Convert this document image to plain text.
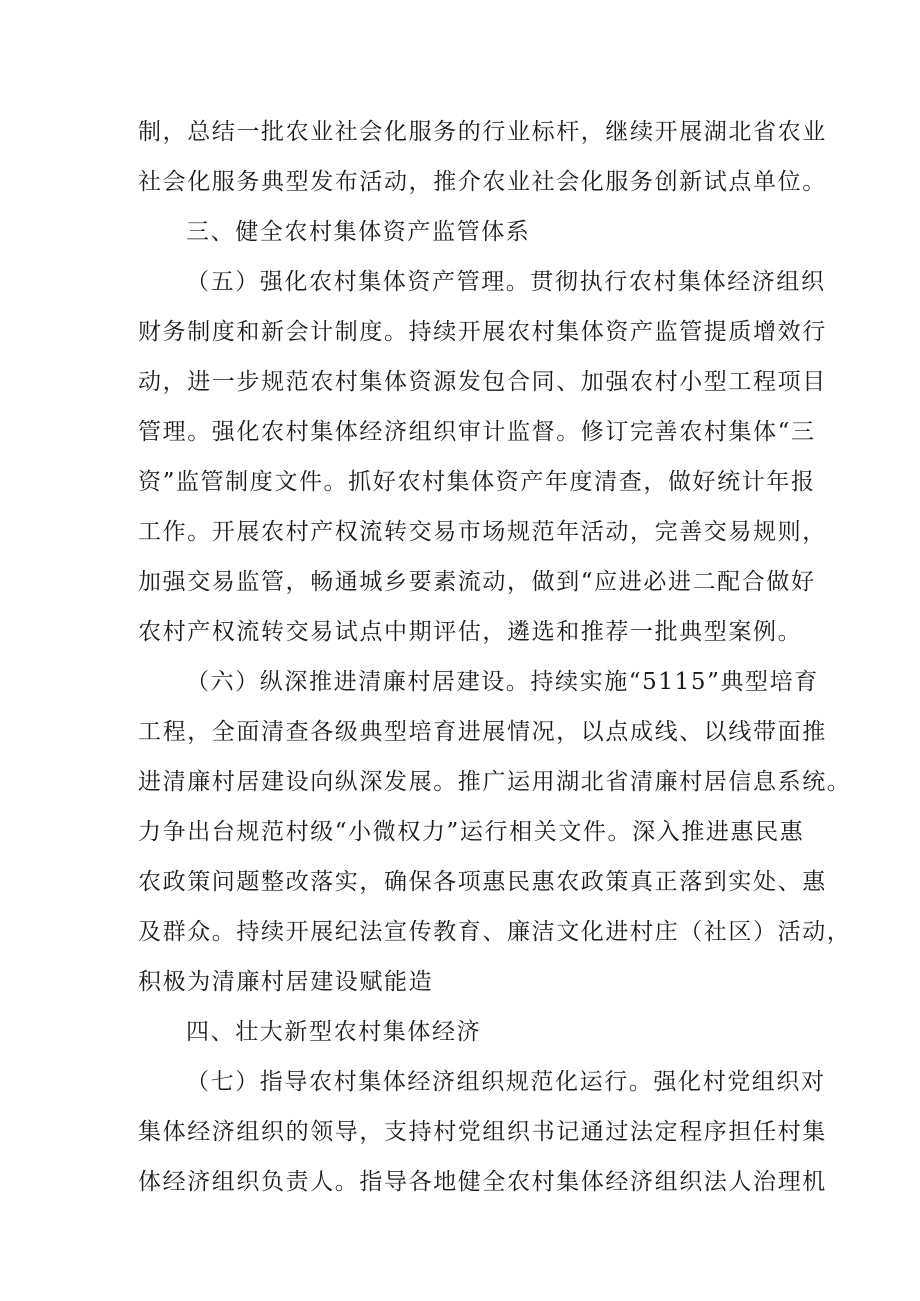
制，总结一批农业社会化服务的行业标杆，继续开展湖北省农业
社会化服务典型发布活动，推介农业社会化服务创新试点单位。
三、健全农村集体资产监管体系
（五）强化农村集体资产管理。贯彻执行农村集体经济组织
财务制度和新会计制度。持续开展农村集体资产监管提质增效行
动，进一步规范农村集体资源发包合同、加强农村小型工程项目
管理。强化农村集体经济组织审计监督。修订完善农村集体“三
资”监管制度文件。抓好农村集体资产年度清查，做好统计年报
工作。开展农村产权流转交易市场规范年活动，完善交易规则，
加强交易监管，畅通城乡要素流动，做到“应进必进二配合做好
农村产权流转交易试点中期评估，遴选和推荐一批典型案例。
（六）纵深推进清廉村居建设。持续实施“5115”典型培育
工程，全面清查各级典型培育进展情况，以点成线、以线带面推
进清廉村居建设向纵深发展。推广运用湖北省清廉村居信息系统。
力争出台规范村级“小微权力”运行相关文件。深入推进惠民惠
农政策问题整改落实，确保各项惠民惠农政策真正落到实处、惠
及群众。持续开展纪法宣传教育、廉洁文化进村庄（社区）活动，
积极为清廉村居建设赋能造
四、壮大新型农村集体经济
（七）指导农村集体经济组织规范化运行。强化村党组织对
集体经济组织的领导，支持村党组织书记通过法定程序担任村集
体经济组织负责人。指导各地健全农村集体经济组织法人治理机
